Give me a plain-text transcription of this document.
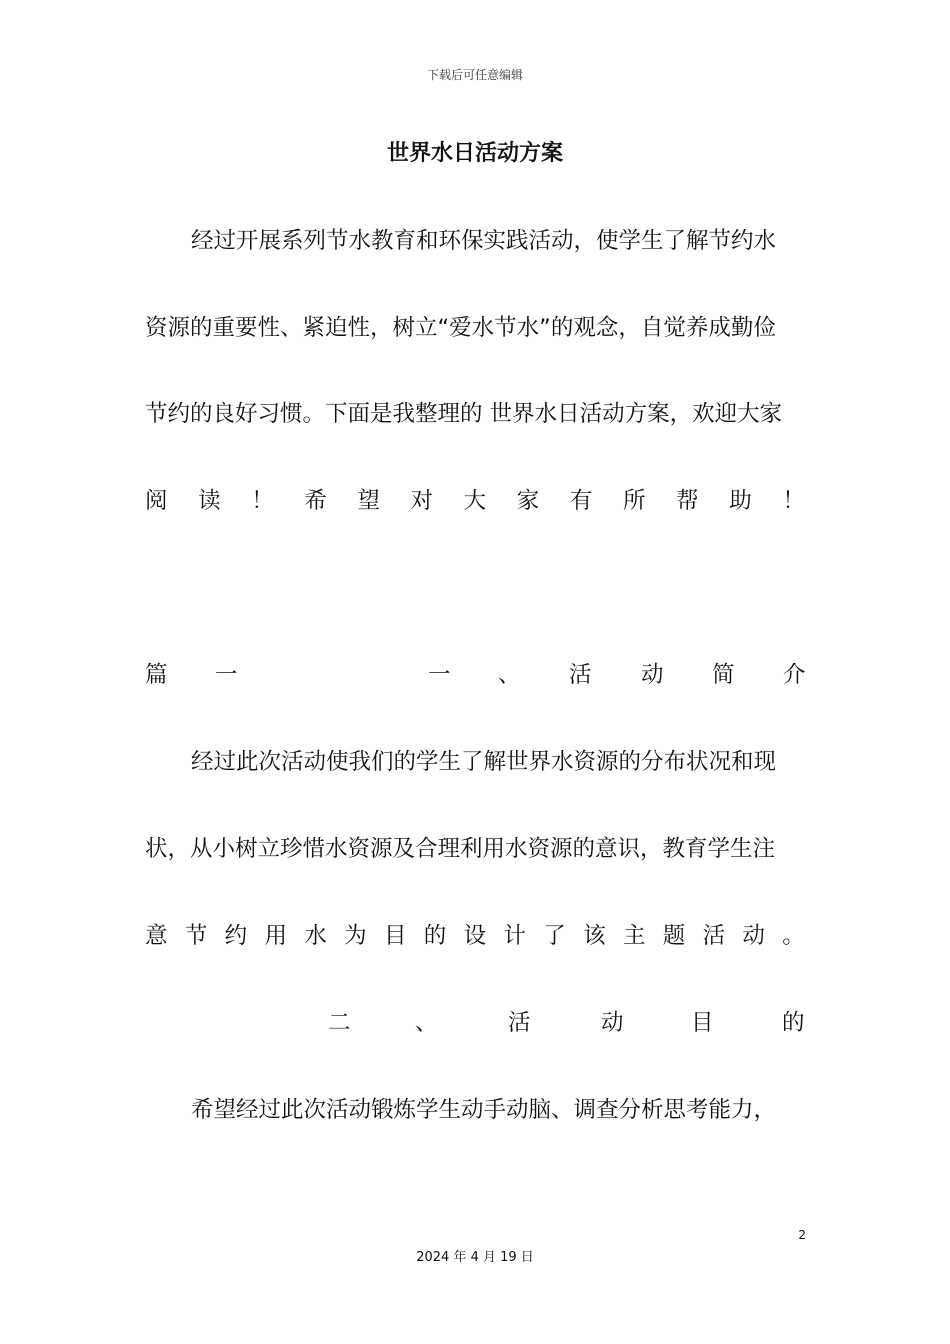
下载后可任意编辑
世界水日活动方案
经过开展系列节水教育和环保实践活动，使学生了解节约水
资源的重要性、紧迫性，树立“爱水节水”的观念，自觉养成勤俭
节约的良好习惯。下面是我整理的 世界水日活动方案，欢迎大家
阅 读 ！ 希 望 对 大 家 有 所 帮 助 ！
篇 一	一 、 活 动 简 介
经过此次活动使我们的学生了解世界水资源的分布状况和现
状，从小树立珍惜水资源及合理利用水资源的意识，教育学生注
意 节 约 用 水 为 目 的 设 计 了 该 主 题 活 动 。
二	、	活	动	目	的
希望经过此次活动锻炼学生动手动脑、调查分析思考能力，
2
2024 年 4 月 19 日
